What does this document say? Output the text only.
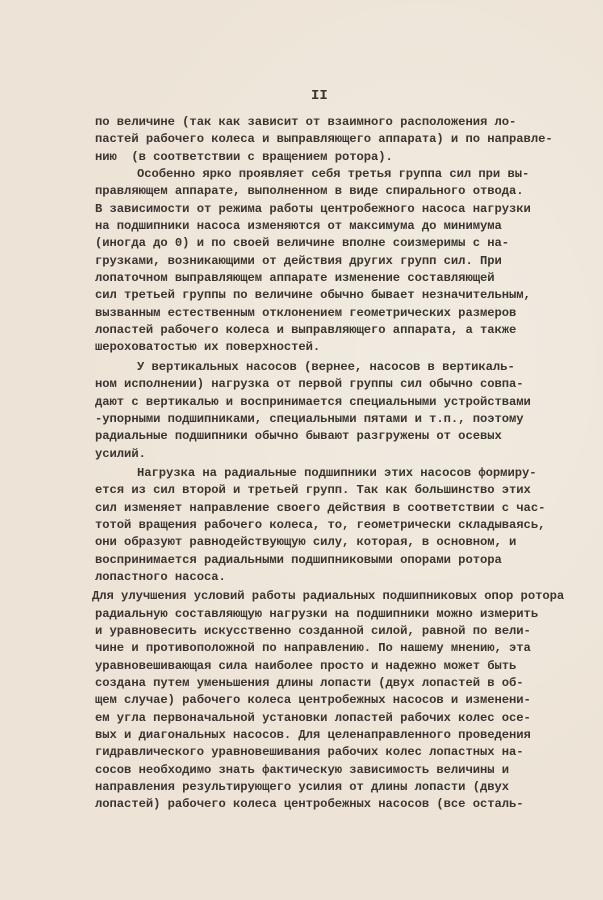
II
по величине (так как зависит от взаимного расположения ло-
пастей рабочего колеса и выправляющего аппарата) и по направле-
нию  (в соответствии с вращением ротора).
Особенно ярко проявляет себя третья группа сил при вы-
правляющем аппарате, выполненном в виде спирального отвода.
В зависимости от режима работы центробежного насоса нагрузки
на подшипники насоса изменяются от максимума до минимума
(иногда до 0) и по своей величине вполне соизмеримы с на-
грузками, возникающими от действия других групп сил. При
лопаточном выправляющем аппарате изменение составляющей
сил третьей группы по величине обычно бывает незначительным,
вызванным естественным отклонением геометрических размеров
лопастей рабочего колеса и выправляющего аппарата, а также
шероховатостью их поверхностей.
У вертикальных насосов (вернее, насосов в вертикаль-
ном исполнении) нагрузка от первой группы сил обычно совпа-
дают с вертикалью и воспринимается специальными устройствами
-упорными подшипниками, специальными пятами и т.п., поэтому
радиальные подшипники обычно бывают разгружены от осевых
усилий.
Нагрузка на радиальные подшипники этих насосов формиру-
ется из сил второй и третьей групп. Так как большинство этих
сил изменяет направление своего действия в соответствии с час-
тотой вращения рабочего колеса, то, геометрически складываясь,
они образуют равнодействующую силу, которая, в основном, и
воспринимается радиальными подшипниковыми опорами ротора
лопастного насоса.
Для улучшения условий работы радиальных подшипниковых опор ротора
радиальную составляющую нагрузки на подшипники можно измерить
и уравновесить искусственно созданной силой, равной по вели-
чине и противоположной по направлению. По нашему мнению, эта
уравновешивающая сила наиболее просто и надежно может быть
создана путем уменьшения длины лопасти (двух лопастей в об-
щем случае) рабочего колеса центробежных насосов и изменени-
ем угла первоначальной установки лопастей рабочих колес осе-
вых и диагональных насосов. Для целенаправленного проведения
гидравлического уравновешивания рабочих колес лопастных на-
сосов необходимо знать фактическую зависимость величины и
направления результирующего усилия от длины лопасти (двух
лопастей) рабочего колеса центробежных насосов (все осталь-
